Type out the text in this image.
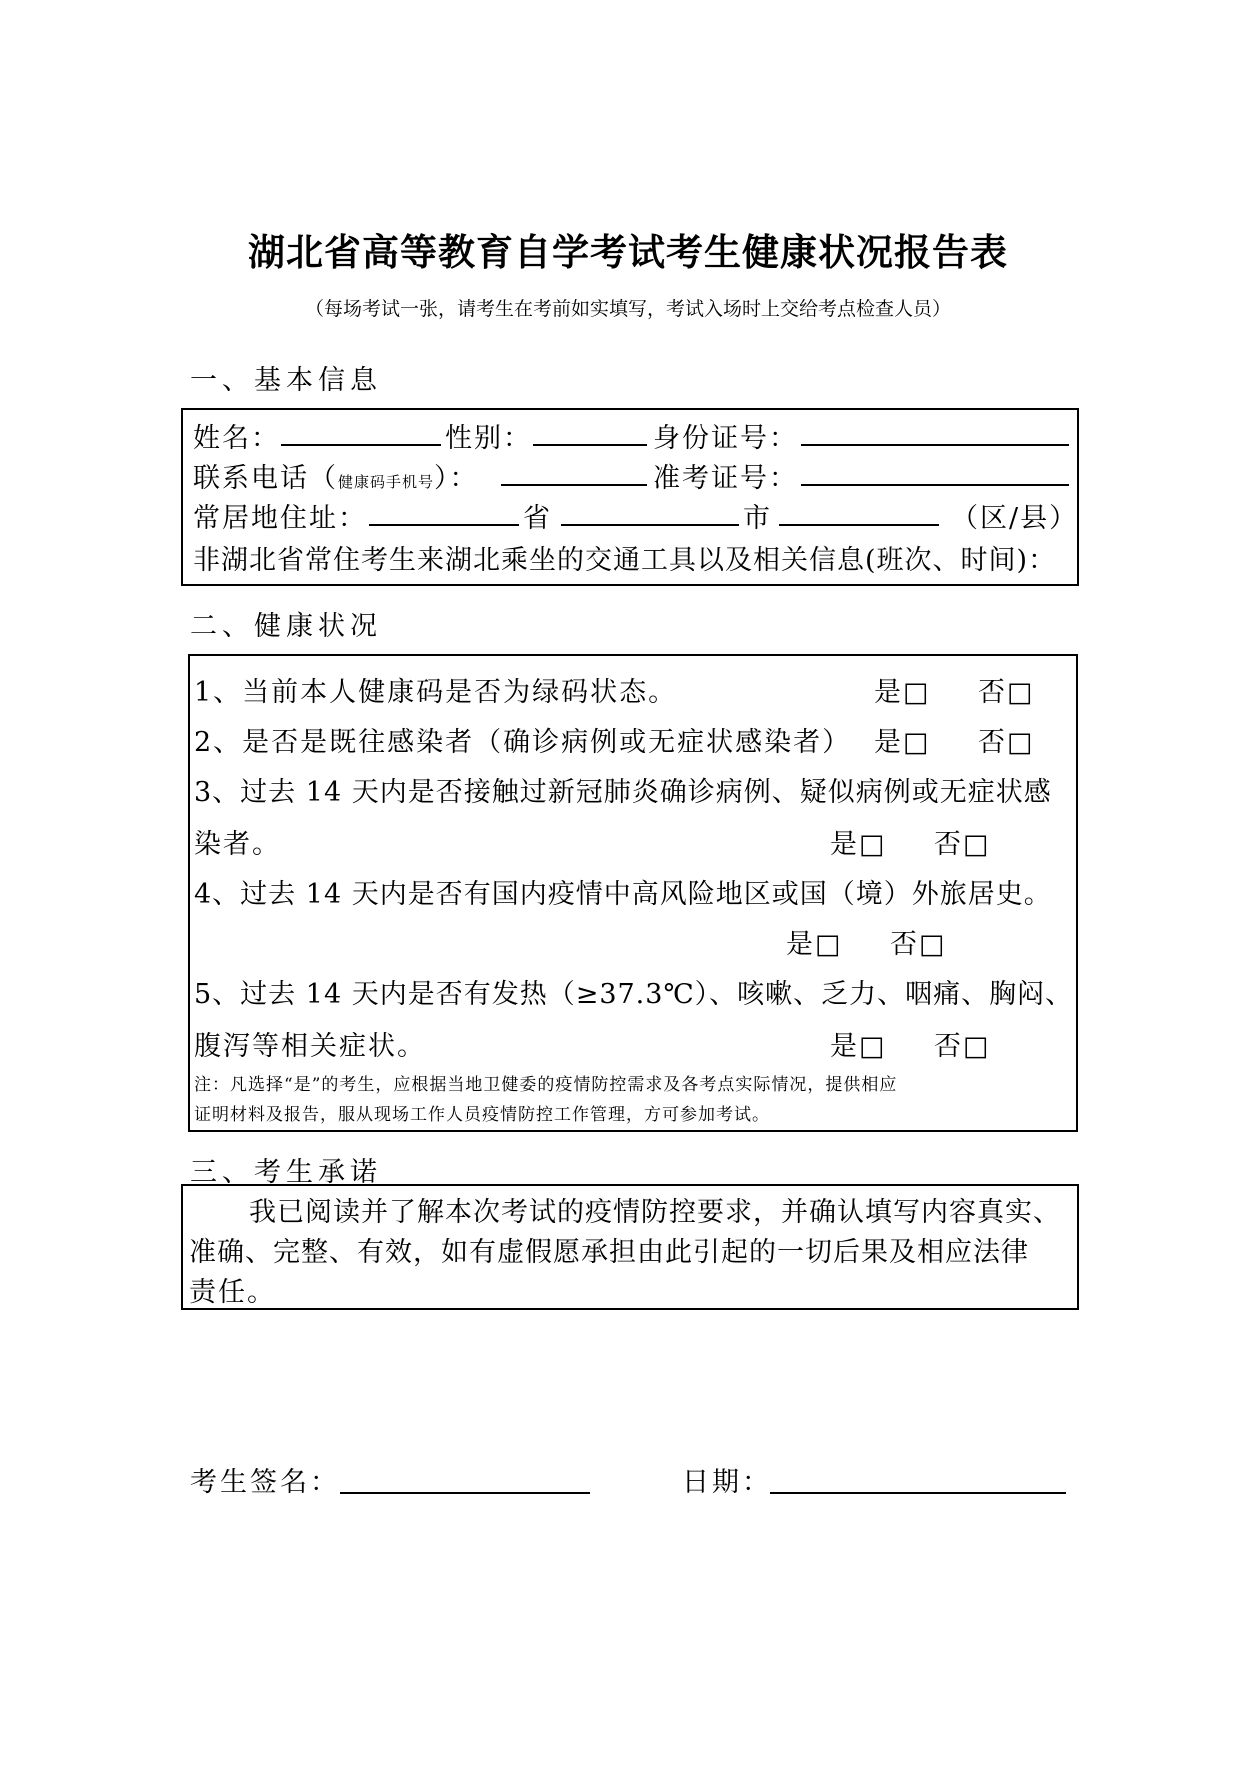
湖北省高等教育自学考试考生健康状况报告表
（每场考试一张，请考生在考前如实填写，考试入场时上交给考点检查人员）
一、基本信息
姓名：	性别：	身份证号：
联系电话（健康码手机号）：	准考证号：
常居地住址：	省	市	（区/县）
非湖北省常住考生来湖北乘坐的交通工具以及相关信息(班次、时间)：
二、健康状况
1、当前本人健康码是否为绿码状态。	是□ 否□
2、是否是既往感染者（确诊病例或无症状感染者） 是□ 否□
3、过去 14 天内是否接触过新冠肺炎确诊病例、疑似病例或无症状感
染者。	是□ 否□
4、过去 14 天内是否有国内疫情中高风险地区或国（境）外旅居史。
是□ 否□
5、过去 14 天内是否有发热（≥37.3℃）、咳嗽、乏力、咽痛、胸闷、
腹泻等相关症状。	是□ 否□
注：凡选择“是”的考生，应根据当地卫健委的疫情防控需求及各考点实际情况，提供相应
证明材料及报告，服从现场工作人员疫情防控工作管理，方可参加考试。
三、考生承诺
我已阅读并了解本次考试的疫情防控要求，并确认填写内容真实、
准确、完整、有效，如有虚假愿承担由此引起的一切后果及相应法律
责任。
考生签名：	日期：
